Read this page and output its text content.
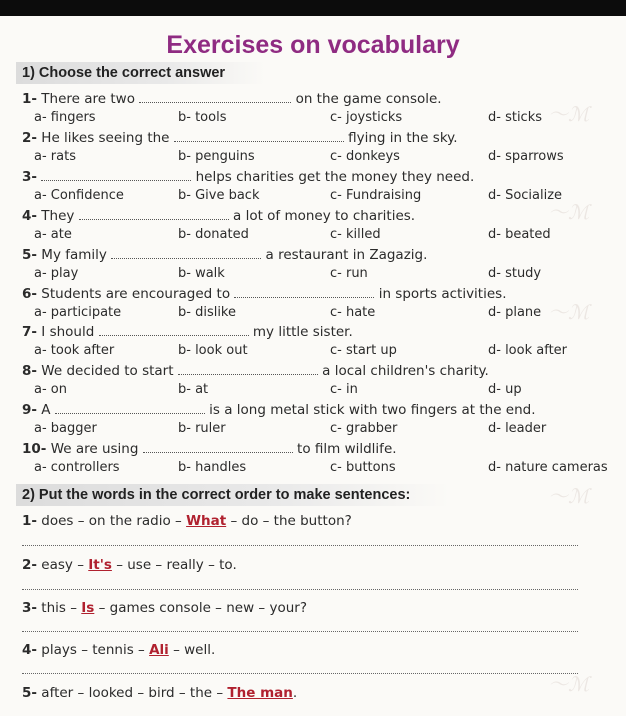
〜ℳ
〜ℳ
〜ℳ
〜ℳ
〜ℳ
Exercises on vocabulary
1) Choose the correct answer
1- There are two	on the game console.
a- fingers	b- tools	c- joysticks	d- sticks
2- He likes seeing the	flying in the sky.
a- rats	b- penguins	c- donkeys	d- sparrows
3-	helps charities get the money they need.
a- Confidence	b- Give back	c- Fundraising	d- Socialize
4- They	a lot of money to charities.
a- ate	b- donated	c- killed	d- beated
5- My family	a restaurant in Zagazig.
a- play	b- walk	c- run	d- study
6- Students are encouraged to	in sports activities.
a- participate	b- dislike	c- hate	d- plane
7- I should	my little sister.
a- took after	b- look out	c- start up	d- look after
8- We decided to start	a local children's charity.
a- on	b- at	c- in	d- up
9- A	is a long metal stick with two fingers at the end.
a- bagger	b- ruler	c- grabber	d- leader
10- We are using	to film wildlife.
a- controllers	b- handles	c- buttons	d- nature cameras
2) Put the words in the correct order to make sentences:
1- does – on the radio – What – do – the button?
2- easy – It's – use – really – to.
3- this – Is – games console – new – your?
4- plays – tennis – Ali – well.
5- after – looked – bird – the – The man.
